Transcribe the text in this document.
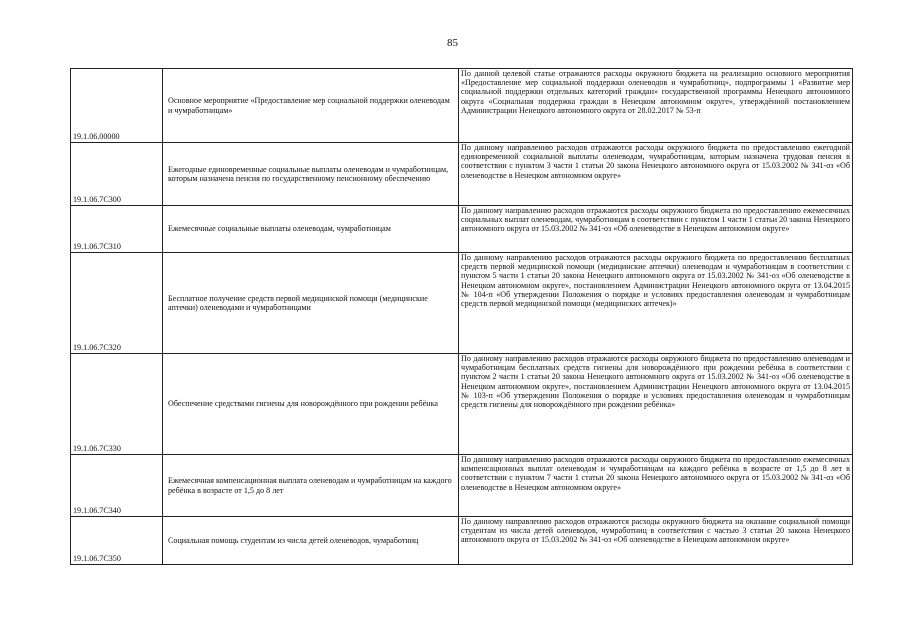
85
19.1.06.00000	Основное мероприятие «Предоставление мер социальной поддержки оленеводам и чумработницам»	По данной целевой статье отражаются расходы окружного бюджета на реализацию основного мероприятия «Предоставление мер социальной поддержки оленеводов и чумработниц», подпрограммы 1 «Развитие мер социальной поддержки отдельных категорий граждан» государственной программы Ненецкого автономного округа «Социальная поддержка граждан в Ненецком автономном округе», утверждённой постановлением Администрации Ненецкого автономного округа от 28.02.2017 № 53-п
19.1.06.7С300	Ежегодные единовременные социальные выплаты оленеводам и чумработницам, которым назначена пенсия по государственному пенсионному обеспечению	По данному направлению расходов отражаются расходы окружного бюджета по предоставлению ежегодной единовременной социальной выплаты оленеводам, чумработницам, которым назначена трудовая пенсия в соответствии с пунктом 3 части 1 статьи 20 закона Ненецкого автономного округа от 15.03.2002 № 341-оз «Об оленеводстве в Ненецком автономном округе»
19.1.06.7С310	Ежемесячные социальные выплаты оленеводам, чумработницам	По данному направлению расходов отражаются расходы окружного бюджета по предоставлению ежемесячных социальных выплат оленеводам, чумработницам в соответствии с пунктом 1 части 1 статьи 20 закона Ненецкого автономного округа от 15.03.2002 № 341-оз «Об оленеводстве в Ненецком автономном округе»
19.1.06.7С320	Бесплатное получение средств первой медицинской помощи (медицинские аптечки) оленеводами и чумработницами	По данному направлению расходов отражаются расходы окружного бюджета по предоставлению бесплатных средств первой медицинской помощи (медицинские аптечки) оленеводам и чумработницам в соответствии с пунктом 5 части 1 статьи 20 закона Ненецкого автономного округа от 15.03.2002 № 341-оз «Об оленеводстве в Ненецком автономном округе», постановлением Администрации Ненецкого автономного округа от 13.04.2015 № 104-п «Об утверждении Положения о порядке и условиях предоставления оленеводам и чумработницам средств первой медицинской помощи (медицинских аптечек)»
19.1.06.7С330	Обеспечение средствами гигиены для новорождённого при рождении ребёнка	По данному направлению расходов отражаются расходы окружного бюджета по предоставлению оленеводам и чумработницам бесплатных средств гигиены для новорождённого при рождении ребёнка в соответствии с пунктом 2 части 1 статьи 20 закона Ненецкого автономного округа от 15.03.2002 № 341-оз «Об оленеводстве в Ненецком автономном округе», постановлением Администрации Ненецкого автономного округа от 13.04.2015 № 103-п «Об утверждении Положения о порядке и условиях предоставления оленеводам и чумработницам средств гигиены для новорождённого при рождении ребёнка»
19.1.06.7С340	Ежемесячная компенсационная выплата оленеводам и чумработницам на каждого ребёнка в возрасте от 1,5 до 8 лет	По данному направлению расходов отражаются расходы окружного бюджета по предоставлению ежемесячных компенсационных выплат оленеводам и чумработницам на каждого ребёнка в возрасте от 1,5 до 8 лет в соответствии с пунктом 7 части 1 статьи 20 закона Ненецкого автономного округа от 15.03.2002 № 341-оз «Об оленеводстве в Ненецком автономном округе»
19.1.06.7С350	Социальная помощь студентам из числа детей оленеводов, чумработниц	По данному направлению расходов отражаются расходы окружного бюджета на оказание социальной помощи студентам из числа детей оленеводов, чумработниц в соответствии с частью 3 статьи 20 закона Ненецкого автономного округа от 15.03.2002 № 341-оз «Об оленеводстве в Ненецком автономном округе»
